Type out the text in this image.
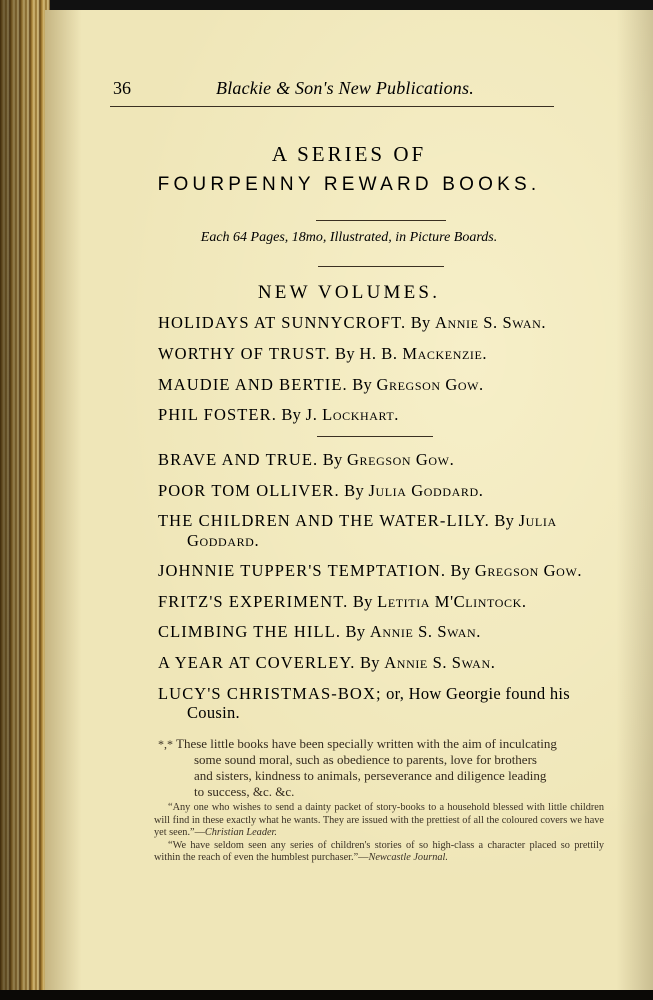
36	Blackie & Son's New Publications.
A SERIES OF
FOURPENNY REWARD BOOKS.
Each 64 Pages, 18mo, Illustrated, in Picture Boards.
NEW VOLUMES.
HOLIDAYS AT SUNNYCROFT. By Annie S. Swan.
WORTHY OF TRUST. By H. B. Mackenzie.
MAUDIE AND BERTIE. By Gregson Gow.
PHIL FOSTER. By J. Lockhart.
BRAVE AND TRUE. By Gregson Gow.
POOR TOM OLLIVER. By Julia Goddard.
THE CHILDREN AND THE WATER-LILY. By Julia
Goddard.
JOHNNIE TUPPER'S TEMPTATION. By Gregson Gow.
FRITZ'S EXPERIMENT. By Letitia M'Clintock.
CLIMBING THE HILL. By Annie S. Swan.
A YEAR AT COVERLEY. By Annie S. Swan.
LUCY'S CHRISTMAS-BOX; or, How Georgie found his
Cousin.
*,* These little books have been specially written with the aim of inculcating
some sound moral, such as obedience to parents, love for brothers
and sisters, kindness to animals, perseverance and diligence leading
to success, &c. &c.

“Any one who wishes to send a dainty packet of story-books to a household blessed with little children will find in these exactly what he wants. They are issued with the prettiest of all the coloured covers we have yet seen.”—Christian Leader.

“We have seldom seen any series of children's stories of so high-class a character placed so prettily within the reach of even the humblest purchaser.”—Newcastle Journal.
